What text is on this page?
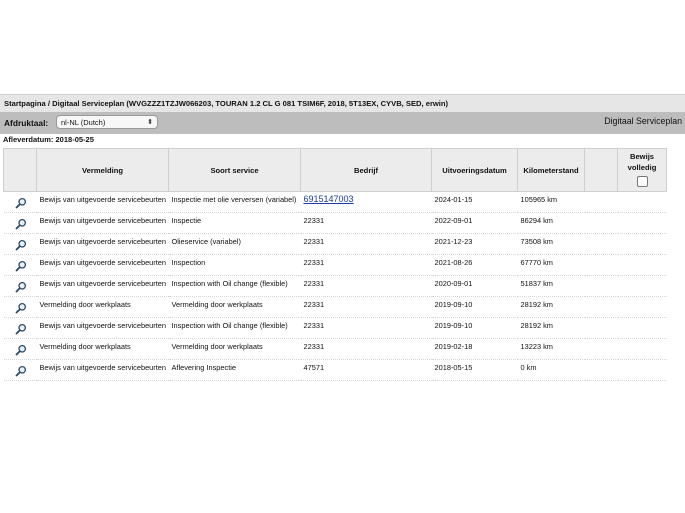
Startpagina / Digitaal Serviceplan (WVGZZZ1TZJW066203, TOURAN 1.2 CL G 081 TSIM6F, 2018, 5T13EX, CYVB, SED, erwin)
Afdruktaal:	nl-NL (Dutch)	⬍	Digitaal Serviceplan
Afleverdatum: 2018-05-25
	Vermelding	Soort service	Bedrijf	Uitvoeringsdatum	Kilometerstand		Bewijs volledig

	Bewijs van uitgevoerde servicebeurten	Inspectie met olie verversen (variabel)	6915147003	2024-01-15	105965 km		
	Bewijs van uitgevoerde servicebeurten	Inspectie	22331	2022-09-01	86294 km		
	Bewijs van uitgevoerde servicebeurten	Olieservice (variabel)	22331	2021-12-23	73508 km		
	Bewijs van uitgevoerde servicebeurten	Inspection	22331	2021-08-26	67770 km		
	Bewijs van uitgevoerde servicebeurten	Inspection with Oil change (flexible)	22331	2020-09-01	51837 km		
	Vermelding door werkplaats	Vermelding door werkplaats	22331	2019-09-10	28192 km		
	Bewijs van uitgevoerde servicebeurten	Inspection with Oil change (flexible)	22331	2019-09-10	28192 km		
	Vermelding door werkplaats	Vermelding door werkplaats	22331	2019-02-18	13223 km		
	Bewijs van uitgevoerde servicebeurten	Aflevering Inspectie	47571	2018-05-15	0 km		
